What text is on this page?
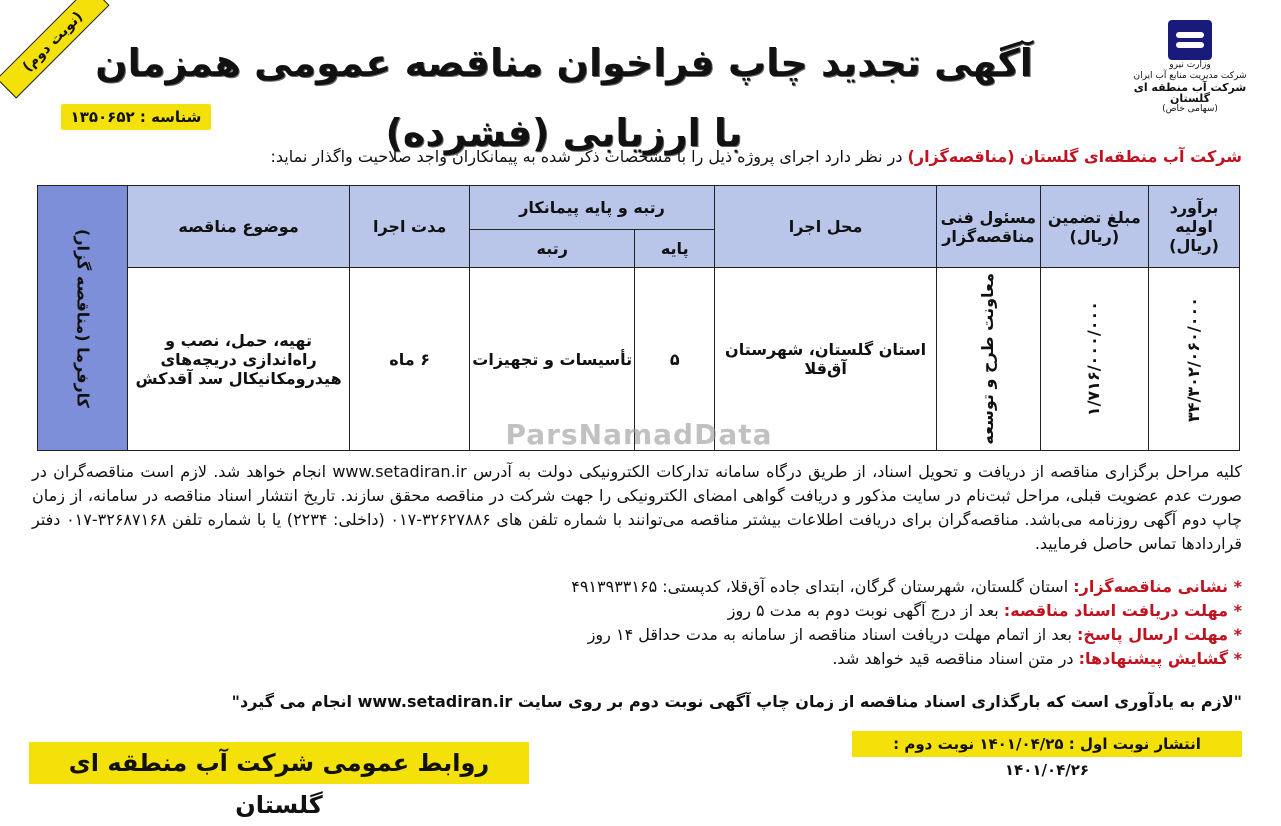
(نوبت دوم)	وزارت نیرو
شرکت مدیریت منابع آب ایران
شرکت آب منطقه ای گلستان
(سهامی خاص)
آگهی تجدید چاپ فراخوان مناقصه عمومی همزمان با ارزیابی (فشرده)
شناسه : ۱۳۵۰۶۵۲
شرکت آب منطقه‌ای گلستان (مناقصه‌گزار) در نظر دارد اجرای پروژه ذیل را با مشخصات ذکر شده به پیمانکاران واجد صلاحیت واگذار نماید:
برآورد اولیه (ریال)	مبلغ تضمین (ریال)	مسئول فنی مناقصه‌گزار	محل اجرا	رتبه و پایه پیمانکار		مدت اجرا	موضوع مناقصه	کارفرما (مناقصه گزار)

				پایه	رتبه			

۳۴/۳۰۲/۰۶۰/۰۰۰	۱/۷۱۶/۰۰۰/۰۰۰	معاونت طرح و توسعه	استان گلستان، شهرستان آق‌قلا	۵	تأسیسات و تجهیزات	۶ ماه	تهیه، حمل، نصب و راه‌اندازی دریچه‌های هیدرومکانیکال سد آقدکش	
ParsNamadData
کلیه مراحل برگزاری مناقصه از دریافت و تحویل اسناد، از طریق درگاه سامانه تدارکات الکترونیکی دولت به آدرس www.setadiran.ir انجام خواهد شد. لازم است مناقصه‌گران در صورت عدم عضویت قبلی، مراحل ثبت‌نام در سایت مذکور و دریافت گواهی امضای الکترونیکی را جهت شرکت در مناقصه محقق سازند. تاریخ انتشار اسناد مناقصه در سامانه، از زمان چاپ دوم آگهی روزنامه می‌باشد. مناقصه‌گران برای دریافت اطلاعات بیشتر مناقصه می‌توانند با شماره تلفن های ۳۲۶۲۷۸۸۶-۰۱۷ (داخلی: ۲۲۳۴) یا با شماره تلفن ۳۲۶۸۷۱۶۸-۰۱۷ دفتر قراردادها تماس حاصل فرمایید.
* نشانی مناقصه‌گزار: استان گلستان، شهرستان گرگان، ابتدای جاده آق‌قلا، کدپستی: ۴۹۱۳۹۳۳۱۶۵
* مهلت دریافت اسناد مناقصه: بعد از درج آگهی نوبت دوم به مدت ۵ روز
* مهلت ارسال پاسخ: بعد از اتمام مهلت دریافت اسناد مناقصه از سامانه به مدت حداقل ۱۴ روز
* گشایش پیشنهادها: در متن اسناد مناقصه قید خواهد شد.
"لازم به یادآوری است که بارگذاری اسناد مناقصه از زمان چاپ آگهی نوبت دوم بر روی سایت www.setadiran.ir انجام می گیرد"
انتشار نوبت اول : ۱۴۰۱/۰۴/۲۵ نوبت دوم : ۱۴۰۱/۰۴/۲۶
روابط عمومی شرکت آب منطقه ای گلستان
